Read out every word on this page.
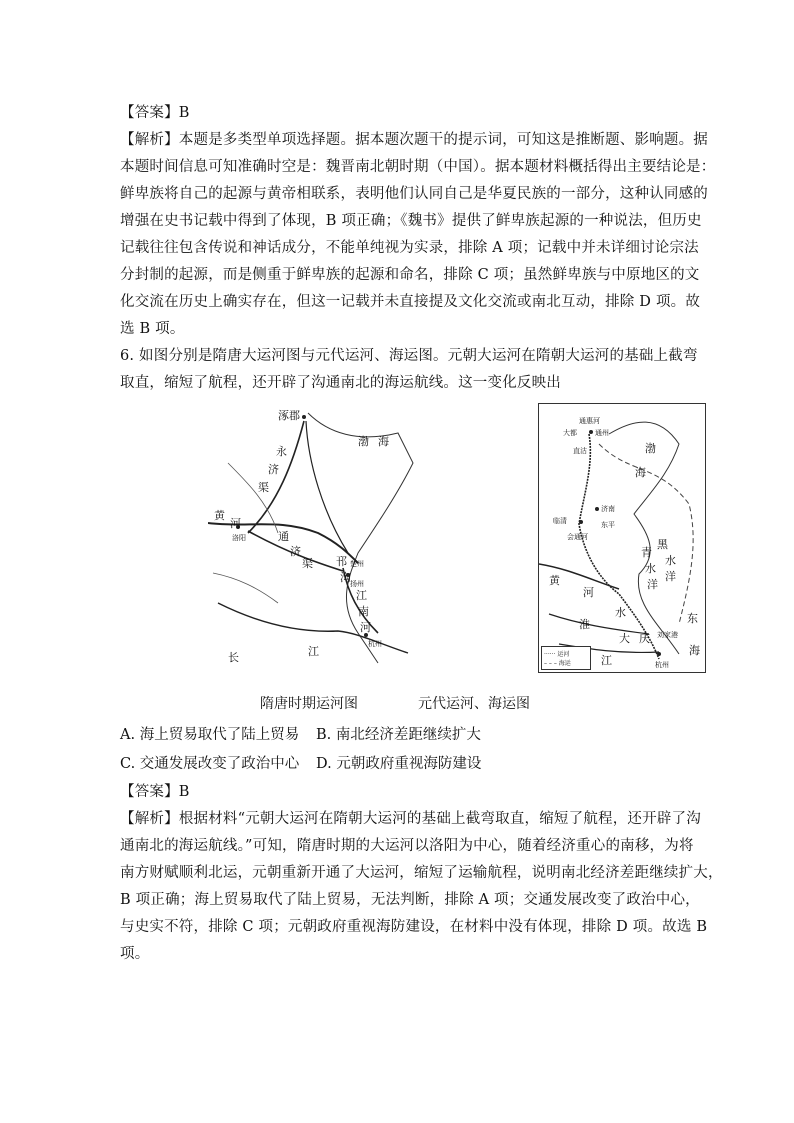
【答案】B
【解析】本题是多类型单项选择题。据本题次题干的提示词，可知这是推断题、影响题。据
本题时间信息可知准确时空是：魏晋南北朝时期（中国）。据本题材料概括得出主要结论是：
鲜卑族将自己的起源与黄帝相联系，表明他们认同自己是华夏民族的一部分，这种认同感的
增强在史书记载中得到了体现，B 项正确；《魏书》提供了鲜卑族起源的一种说法，但历史
记载往往包含传说和神话成分，不能单纯视为实录，排除 A 项；记载中并未详细讨论宗法
分封制的起源，而是侧重于鲜卑族的起源和命名，排除 C 项；虽然鲜卑族与中原地区的文
化交流在历史上确实存在，但这一记载并未直接提及文化交流或南北互动，排除 D 项。故
选 B 项。
6. 如图分别是隋唐大运河图与元代运河、海运图。元朝大运河在隋朝大运河的基础上截弯
取直，缩短了航程，还开辟了沟通南北的海运航线。这一变化反映出
涿郡
渤 海
永
济
渠
黄
河
通
济
渠
洛阳
邗
沟
江
南
河
长	江
杭州
扬州
楚州
通惠河
大都	通州
直沽	渤
海
临清
济南
东平
会通河
黄
河
淮
水
大
江
黑
水
洋
青
水
洋
东
海
刘家港
杭州
庆
······ 运河
– – – 海运
隋唐时期运河图	元代运河、海运图
A. 海上贸易取代了陆上贸易 B. 南北经济差距继续扩大
C. 交通发展改变了政治中心 D. 元朝政府重视海防建设
【答案】B
【解析】根据材料“元朝大运河在隋朝大运河的基础上截弯取直，缩短了航程，还开辟了沟
通南北的海运航线。”可知，隋唐时期的大运河以洛阳为中心，随着经济重心的南移，为将
南方财赋顺利北运，元朝重新开通了大运河，缩短了运输航程，说明南北经济差距继续扩大，
B 项正确；海上贸易取代了陆上贸易，无法判断，排除 A 项；交通发展改变了政治中心，
与史实不符，排除 C 项；元朝政府重视海防建设，在材料中没有体现，排除 D 项。故选 B
项。
